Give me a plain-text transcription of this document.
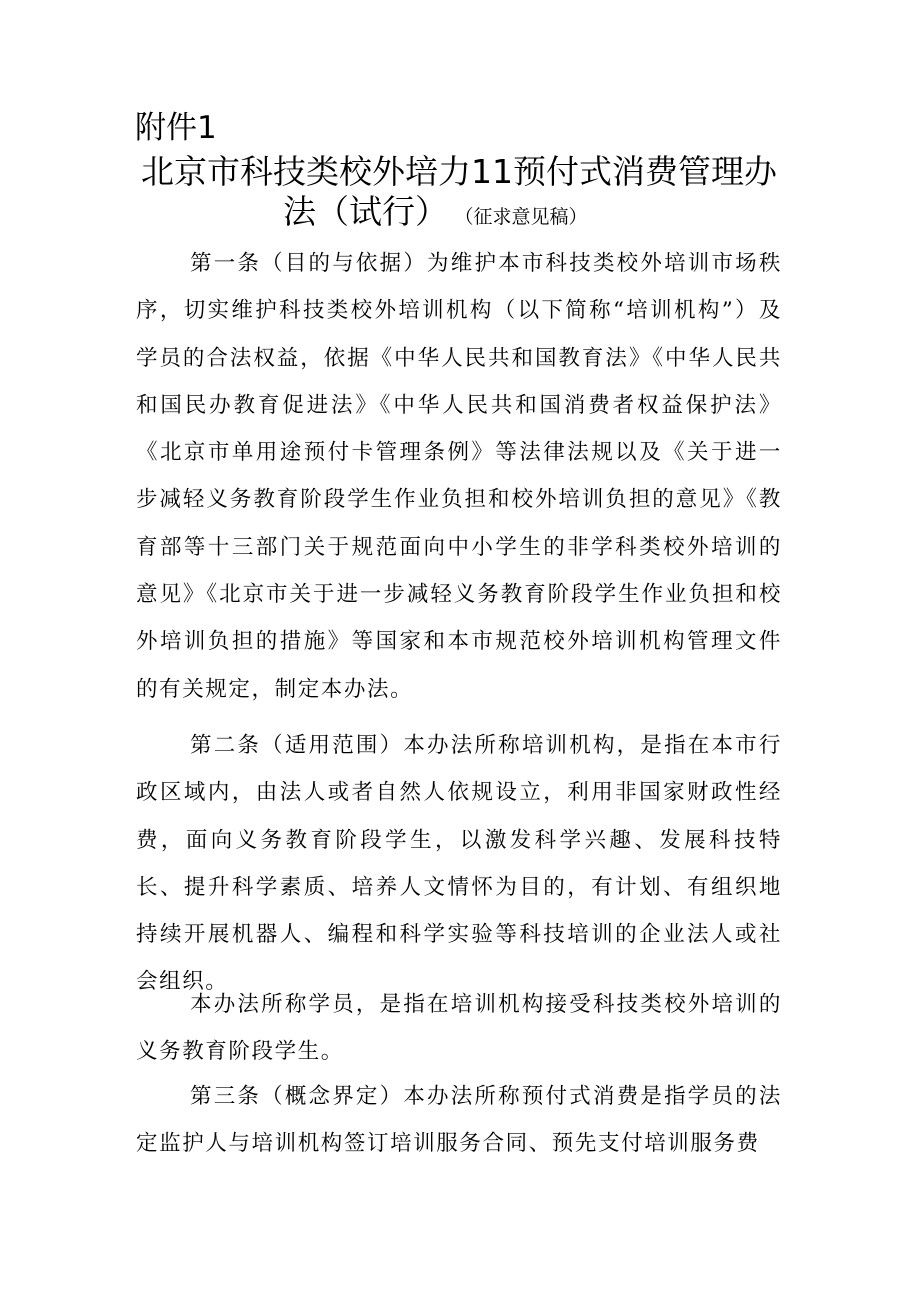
附件1

北京市科技类校外培力11预付式消费管理办
法（试行） （征求意见稿）

第一条（目的与依据）为维护本市科技类校外培训市场秩序，切实维护科技类校外培训机构（以下简称“培训机构”）及学员的合法权益，依据《中华人民共和国教育法》《中华人民共和国民办教育促进法》《中华人民共和国消费者权益保护法》《北京市单用途预付卡管理条例》等法律法规以及《关于进一步减轻义务教育阶段学生作业负担和校外培训负担的意见》《教育部等十三部门关于规范面向中小学生的非学科类校外培训的意见》《北京市关于进一步减轻义务教育阶段学生作业负担和校外培训负担的措施》等国家和本市规范校外培训机构管理文件的有关规定，制定本办法。

第二条（适用范围）本办法所称培训机构，是指在本市行政区域内，由法人或者自然人依规设立，利用非国家财政性经费，面向义务教育阶段学生，以激发科学兴趣、发展科技特长、提升科学素质、培养人文情怀为目的，有计划、有组织地持续开展机器人、编程和科学实验等科技培训的企业法人或社会组织。

本办法所称学员，是指在培训机构接受科技类校外培训的义务教育阶段学生。

第三条（概念界定）本办法所称预付式消费是指学员的法定监护人与培训机构签订培训服务合同、预先支付培训服务费
